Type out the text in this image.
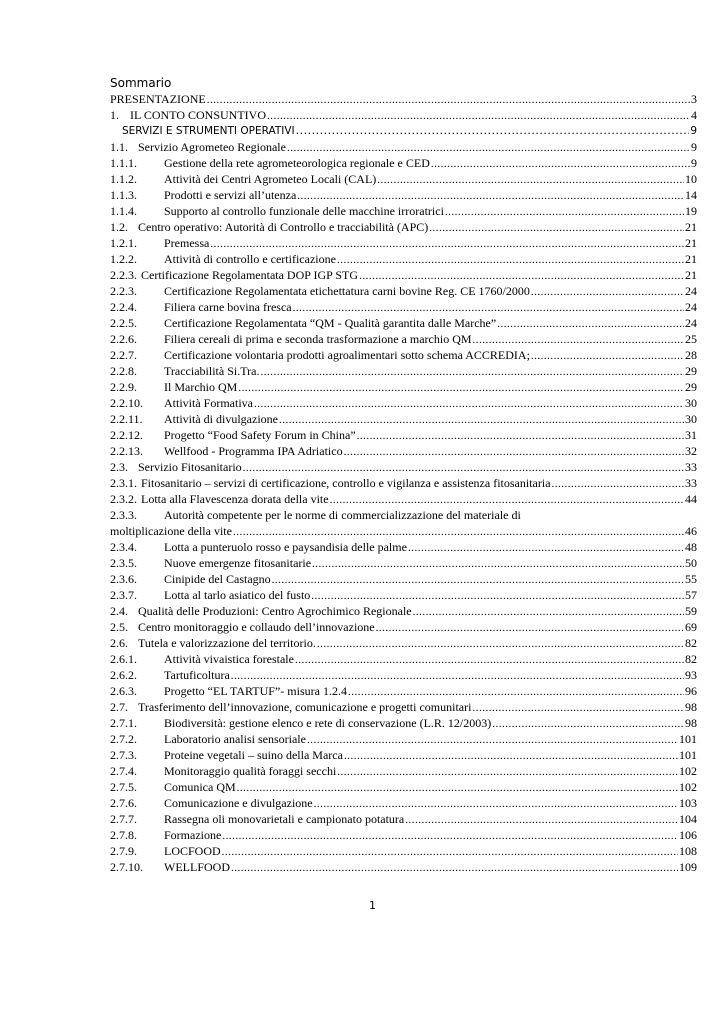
Sommario
PRESENTAZIONE .....	3
1. IL CONTO CONSUNTIVO .....	4
SERVIZI E STRUMENTI OPERATIVI .....	9
1.1. Servizio Agrometeo Regionale .....	9
1.1.1. Gestione della rete agrometeorologica regionale e CED .....	9
1.1.2. Attività dei Centri Agrometeo Locali (CAL) .....	10
1.1.3. Prodotti e servizi all’utenza .....	14
1.1.4. Supporto al controllo funzionale delle macchine irroratrici .....	19
1.2. Centro operativo: Autorità di Controllo e tracciabilità (APC) .....	21
1.2.1. Premessa .....	21
1.2.2. Attività di controllo e certificazione .....	21
2.2.3. Certificazione Regolamentata DOP IGP STG .....	21
2.2.3. Certificazione Regolamentata etichettatura carni bovine Reg. CE 1760/2000 .....	24
2.2.4. Filiera carne bovina fresca .....	24
2.2.5. Certificazione Regolamentata “QM - Qualità garantita dalle Marche” .....	24
2.2.6. Filiera cereali di prima e seconda trasformazione a marchio QM .....	25
2.2.7. Certificazione volontaria prodotti agroalimentari sotto schema ACCREDIA; .....	28
2.2.8. Tracciabilità Si.Tra. .....	29
2.2.9. Il Marchio QM .....	29
2.2.10. Attività Formativa .....	30
2.2.11. Attività di divulgazione .....	30
2.2.12. Progetto “Food Safety Forum in China” .....	31
2.2.13. Wellfood - Programma IPA Adriatico .....	32
2.3. Servizio Fitosanitario .....	33
2.3.1. Fitosanitario – servizi di certificazione, controllo e vigilanza e assistenza fitosanitaria .....	33
2.3.2. Lotta alla Flavescenza dorata della vite .....	44
2.3.3. Autorità competente per le norme di commercializzazione del materiale di
moltiplicazione della vite .....	46
2.3.4. Lotta a punteruolo rosso e paysandisia delle palme .....	48
2.3.5. Nuove emergenze fitosanitarie .....	50
2.3.6. Cinipide del Castagno .....	55
2.3.7. Lotta al tarlo asiatico del fusto .....	57
2.4. Qualità delle Produzioni: Centro Agrochimico Regionale .....	59
2.5. Centro monitoraggio e collaudo dell’innovazione .....	69
2.6. Tutela e valorizzazione del territorio. .....	82
2.6.1. Attività vivaistica forestale .....	82
2.6.2. Tartuficoltura .....	93
2.6.3. Progetto “EL TARTUF”- misura 1.2.4 .....	96
2.7. Trasferimento dell’innovazione, comunicazione e progetti comunitari .....	98
2.7.1. Biodiversità: gestione elenco e rete di conservazione (L.R. 12/2003) .....	98
2.7.2. Laboratorio analisi sensoriale .....	101
2.7.3. Proteine vegetali – suino della Marca .....	101
2.7.4. Monitoraggio qualità foraggi secchi .....	102
2.7.5. Comunica QM .....	102
2.7.6. Comunicazione e divulgazione .....	103
2.7.7. Rassegna oli monovarietali e campionato potatura .....	104
2.7.8. Formazione .....	106
2.7.9. LOCFOOD .....	108
2.7.10. WELLFOOD .....	109
1
